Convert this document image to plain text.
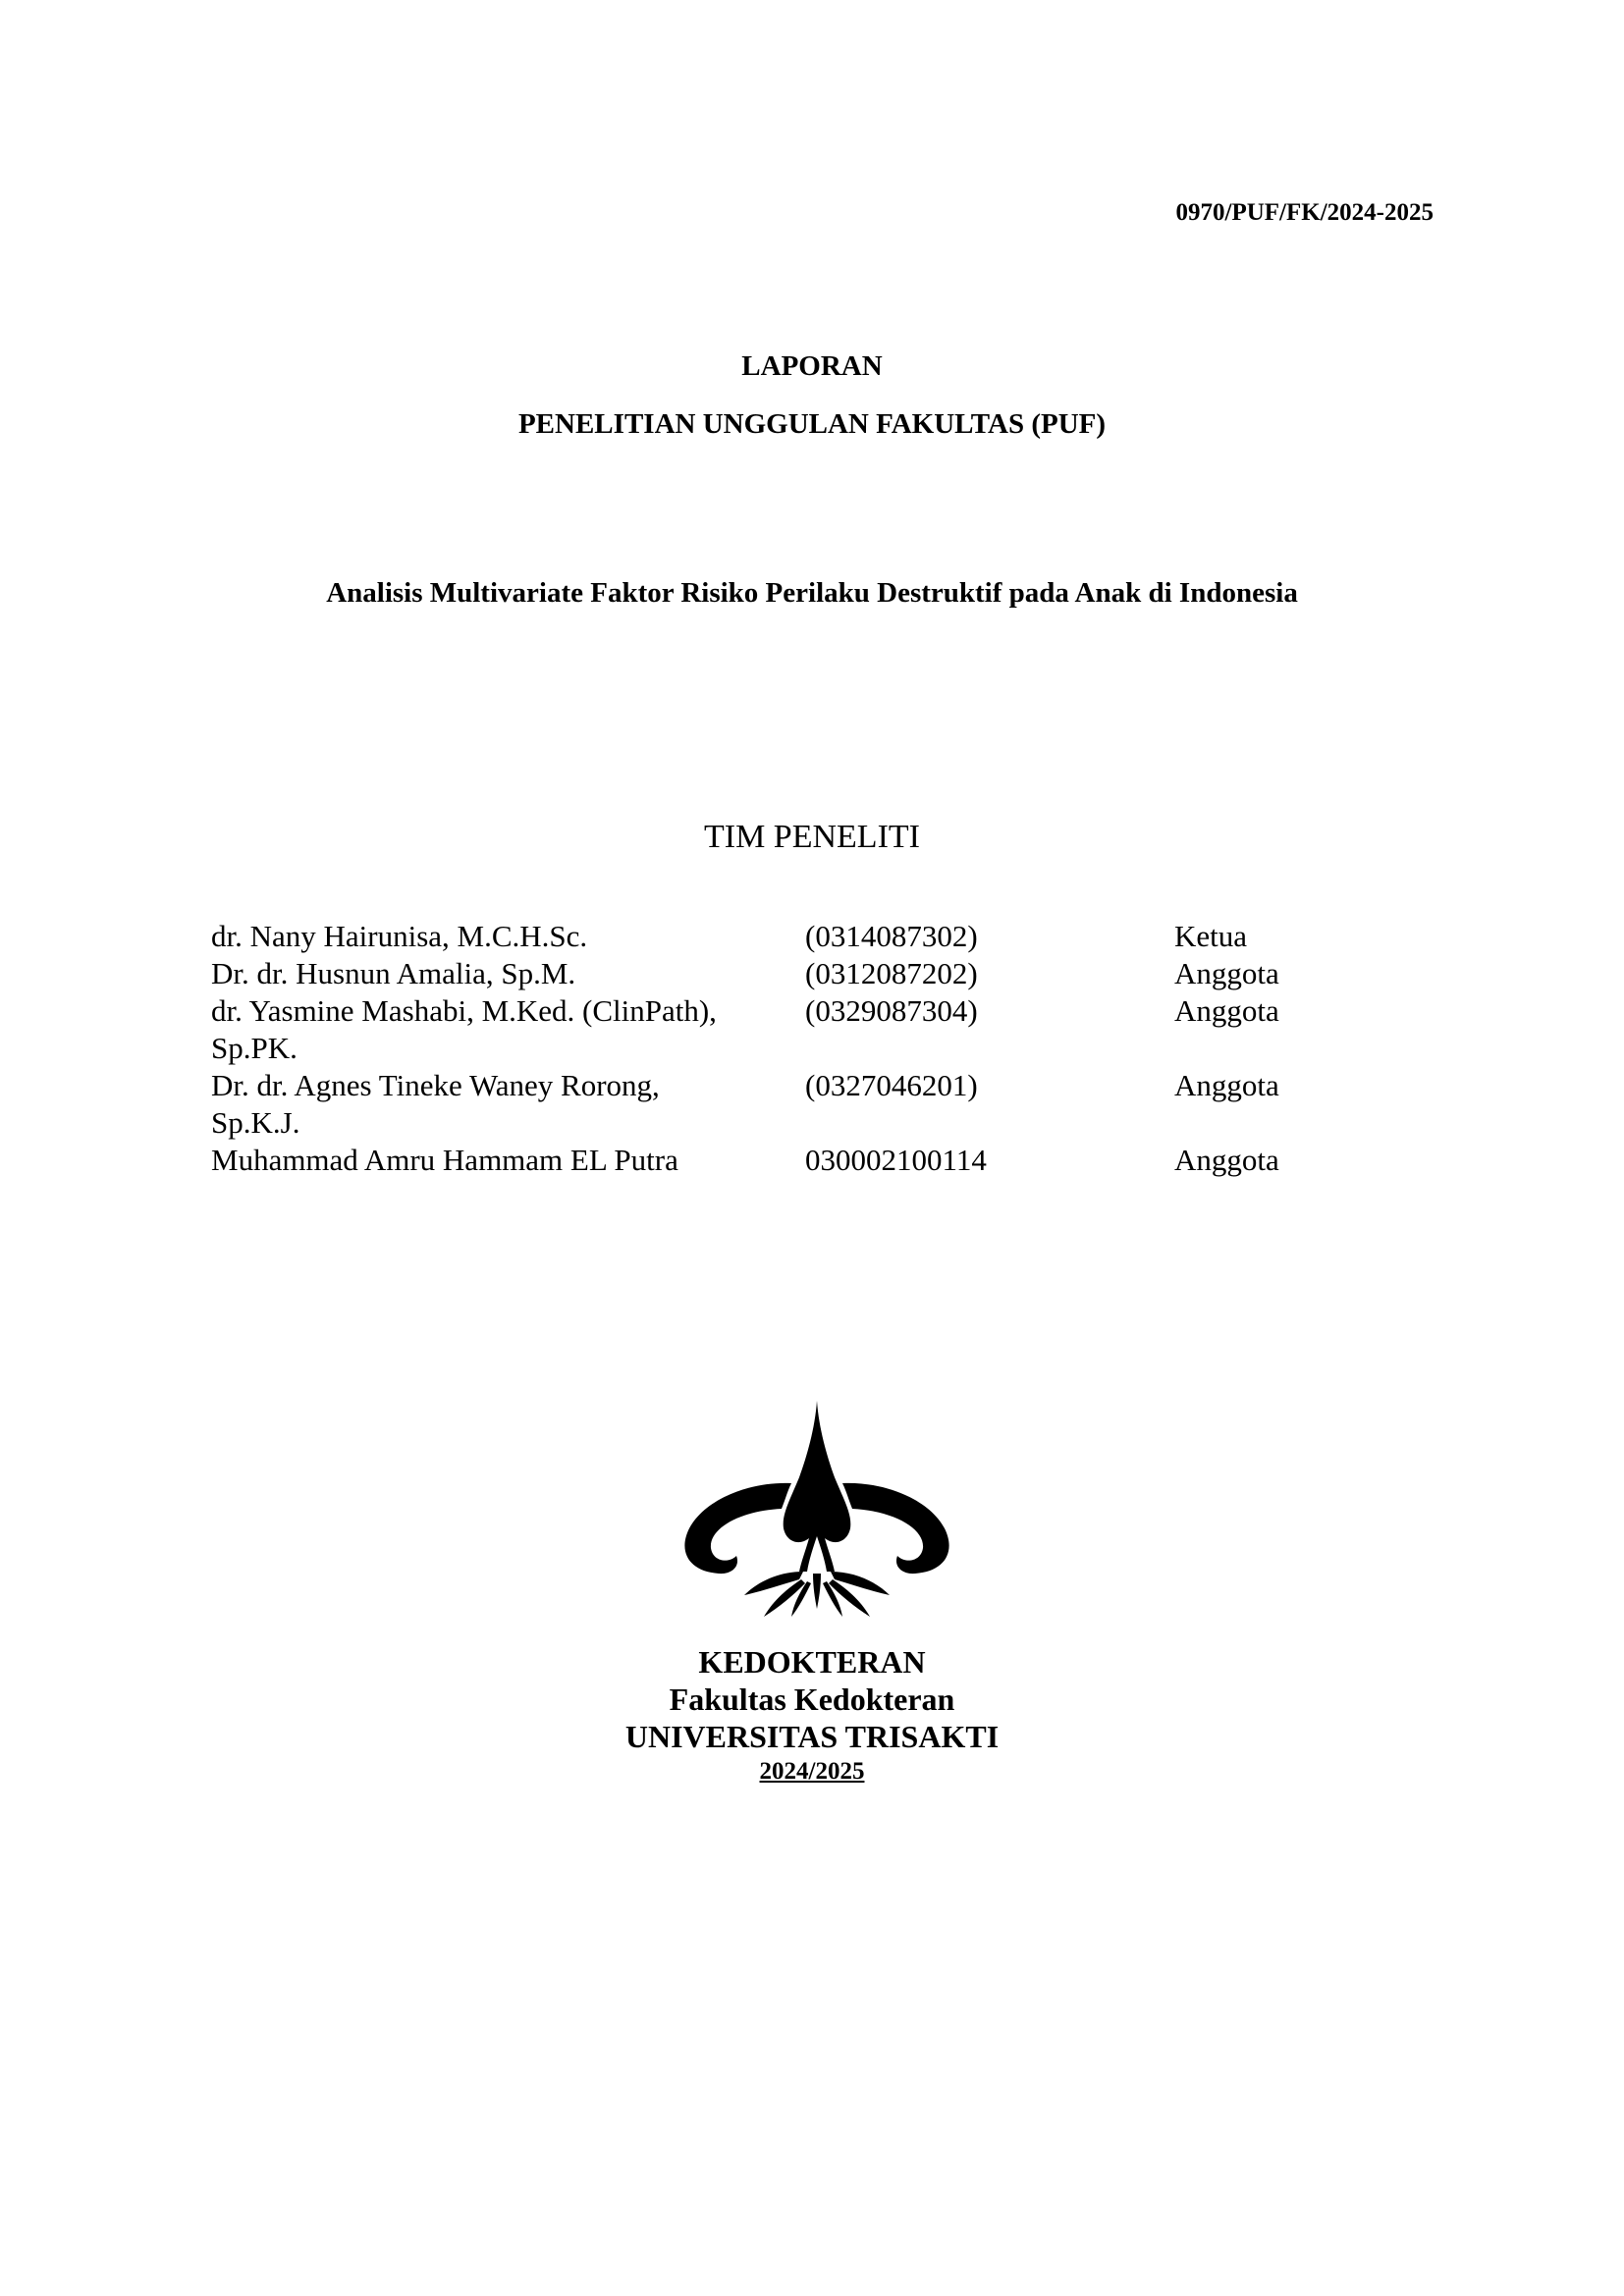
0970/PUF/FK/2024-2025
LAPORAN
PENELITIAN UNGGULAN FAKULTAS (PUF)
Analisis Multivariate Faktor Risiko Perilaku Destruktif pada Anak di Indonesia
TIM PENELITI
dr. Nany Hairunisa, M.C.H.Sc.	(0314087302)	Ketua
Dr. dr. Husnun Amalia, Sp.M.	(0312087202)	Anggota
dr. Yasmine Mashabi, M.Ked. (ClinPath),
Sp.PK.	(0329087304)	Anggota
Dr. dr. Agnes Tineke Waney Rorong,
Sp.K.J.	(0327046201)	Anggota
Muhammad Amru Hammam EL Putra	030002100114	Anggota
KEDOKTERAN
Fakultas Kedokteran
UNIVERSITAS TRISAKTI
2024/2025
